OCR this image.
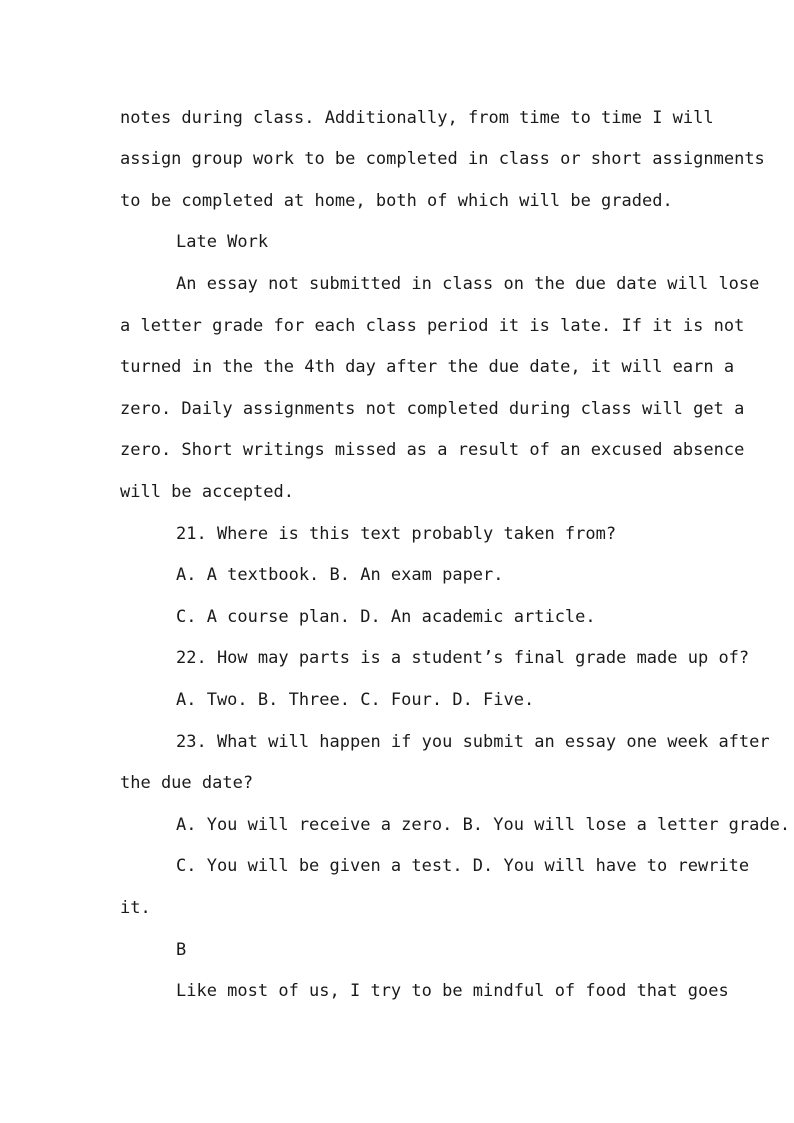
notes during class. Additionally, from time to time I will
assign group work to be completed in class or short assignments
to be completed at home, both of which will be graded.
Late Work
An essay not submitted in class on the due date will lose
a letter grade for each class period it is late. If it is not
turned in the the 4th day after the due date, it will earn a
zero. Daily assignments not completed during class will get a
zero. Short writings missed as a result of an excused absence
will be accepted.
21. Where is this text probably taken from?
A. A textbook. B. An exam paper.
C. A course plan. D. An academic article.
22. How may parts is a student’s final grade made up of?
A. Two. B. Three. C. Four. D. Five.
23. What will happen if you submit an essay one week after
the due date?
A. You will receive a zero. B. You will lose a letter grade.
C. You will be given a test. D. You will have to rewrite
it.
B
Like most of us, I try to be mindful of food that goes
